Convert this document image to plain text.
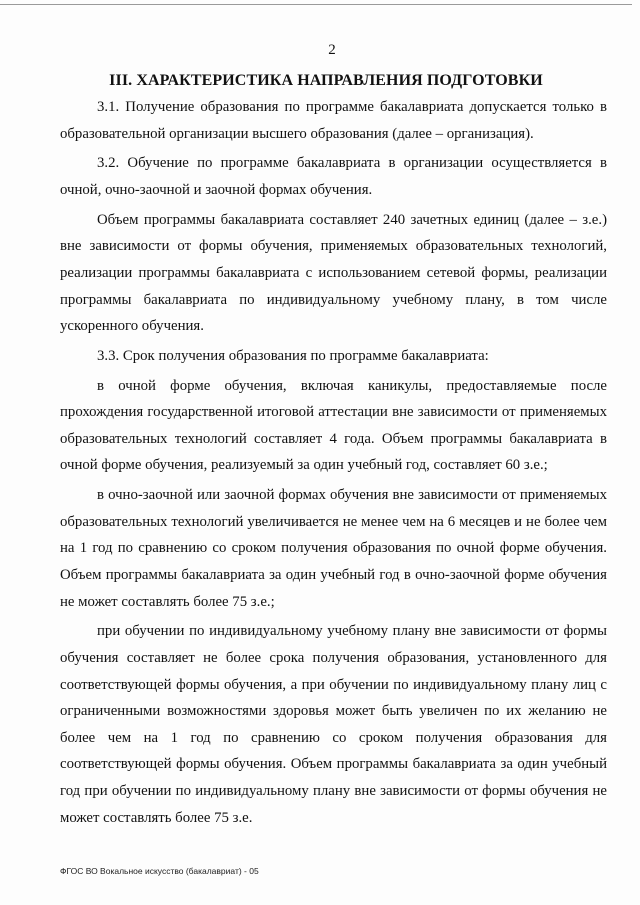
2
III. ХАРАКТЕРИСТИКА НАПРАВЛЕНИЯ ПОДГОТОВКИ

3.1. Получение образования по программе бакалавриата допускается только в образовательной организации высшего образования (далее – организация).

3.2. Обучение по программе бакалавриата в организации осуществляется в очной, очно-заочной и заочной формах обучения.

Объем программы бакалавриата составляет 240 зачетных единиц (далее – з.е.) вне зависимости от формы обучения, применяемых образовательных технологий, реализации программы бакалавриата с использованием сетевой формы, реализации программы бакалавриата по индивидуальному учебному плану, в том числе ускоренного обучения.

3.3. Срок получения образования по программе бакалавриата:

в очной форме обучения, включая каникулы, предоставляемые после прохождения государственной итоговой аттестации вне зависимости от применяемых образовательных технологий составляет 4 года. Объем программы бакалавриата в очной форме обучения, реализуемый за один учебный год, составляет 60 з.е.;

в очно-заочной или заочной формах обучения вне зависимости от применяемых образовательных технологий увеличивается не менее чем на 6 месяцев и не более чем на 1 год по сравнению со сроком получения образования по очной форме обучения. Объем программы бакалавриата за один учебный год в очно-заочной форме обучения не может составлять более 75 з.е.;

при обучении по индивидуальному учебному плану вне зависимости от формы обучения составляет не более срока получения образования, установленного для соответствующей формы обучения, а при обучении по индивидуальному плану лиц с ограниченными возможностями здоровья может быть увеличен по их желанию не более чем на 1 год по сравнению со сроком получения образования для соответствующей формы обучения. Объем программы бакалавриата за один учебный год при обучении по индивидуальному плану вне зависимости от формы обучения не может составлять более 75 з.е.

ФГОС ВО Вокальное искусство (бакалавриат) - 05
